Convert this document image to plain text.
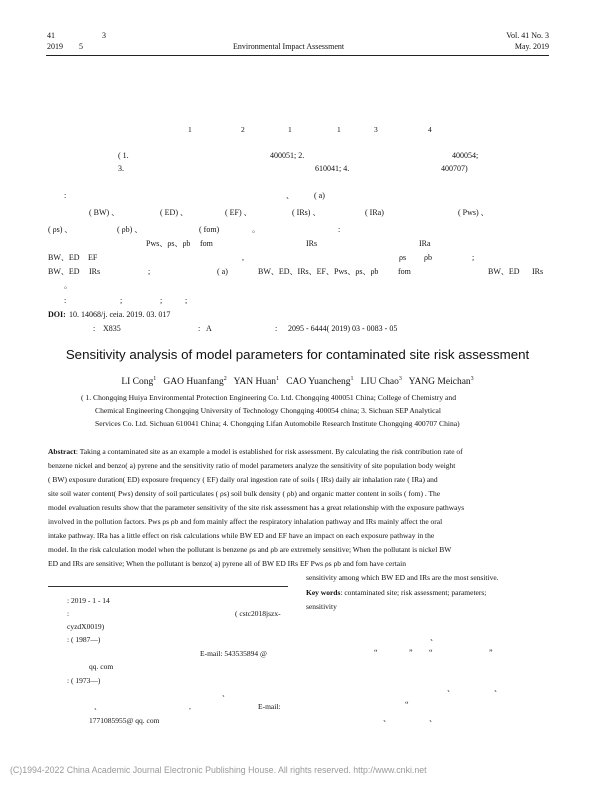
41	3
2019 5	Environmental Impact Assessment
Vol. 41 No. 3
May. 2019
1	2	1	1	3	4
( 1.	400051; 2.	400054;
3.	610041; 4.	400707)
:	、	( a)
( BW) 、	( ED) 、	( EF) 、	( IRs) 、	( IRa)	( Pws) 、
( ρs) 、	( ρb) 、	( fom)	。	:
Pws、ρs、ρb fom	IRs	IRa
BW、ED EF	,	ρs ρb	;
BW、ED IRs	;	( a)	BW、ED、IRs、EF、Pws、ρs、ρb fom	BW、ED IRs
。
:	;	;	;
DOI: 10. 14068/j. ceia. 2019. 03. 017
: X835	: A	: 2095 - 6444( 2019) 03 - 0083 - 05
Sensitivity analysis of model parameters for contaminated site risk assessment
LI Cong$^1$ GAO Huanfang$^2$ YAN Huan$^1$ CAO Yuancheng$^1$ LIU Chao$^3$ YANG Meichan$^3$
( 1. Chongqing Huiya Environmental Protection Engineering Co. Ltd. Chongqing 400051 China; College of Chemistry and
Chemical Engineering Chongqing University of Technology Chongqing 400054 china; 3. Sichuan SEP Analytical
Services Co. Ltd. Sichuan 610041 China; 4. Chongqing Lifan Automobile Research Institute Chongqing 400707 China)
Abstract: Taking a contaminated site as an example a model is established for risk assessment. By calculating the risk contribution rate of
benzene nickel and benzo( a) pyrene and the sensitivity ratio of model parameters analyze the sensitivity of site population body weight
( BW) exposure duration( ED) exposure frequency ( EF) daily oral ingestion rate of soils ( IRs) daily air inhalation rate ( IRa) and
site soil water content( Pws) density of soil particulates ( ρs) soil bulk density ( ρb) and organic matter content in soils ( fom) . The
model evaluation results show that the parameter sensitivity of the site risk assessment has a great relationship with the exposure pathways
involved in the pollution factors. Pws ρs ρb and fom mainly affect the respiratory inhalation pathway and IRs mainly affect the oral
intake pathway. IRa has a little effect on risk calculations while BW ED and EF have an impact on each exposure pathway in the
model. In the risk calculation model when the pollutant is benzene ρs and ρb are extremely sensitive; When the pollutant is nickel BW
ED and IRs are sensitive; When the pollutant is benzo( a) pyrene all of BW ED IRs EF Pws ρs ρb and fom have certain
sensitivity among which BW ED and IRs are the most sensitive.
Key words: contaminated site; risk assessment; parameters;
sensitivity
: 2019 - 1 - 14
:	( cstc2018jszx-
cyzdX0019)
: ( 1987—)
E-mail: 543535894 @
qq. com
: ( 1973—)
、
、	,	E-mail:
1771085955@ qq. com
、
“	” “	”
、	、
“
、	、
(C)1994-2022 China Academic Journal Electronic Publishing House. All rights reserved. http://www.cnki.net
